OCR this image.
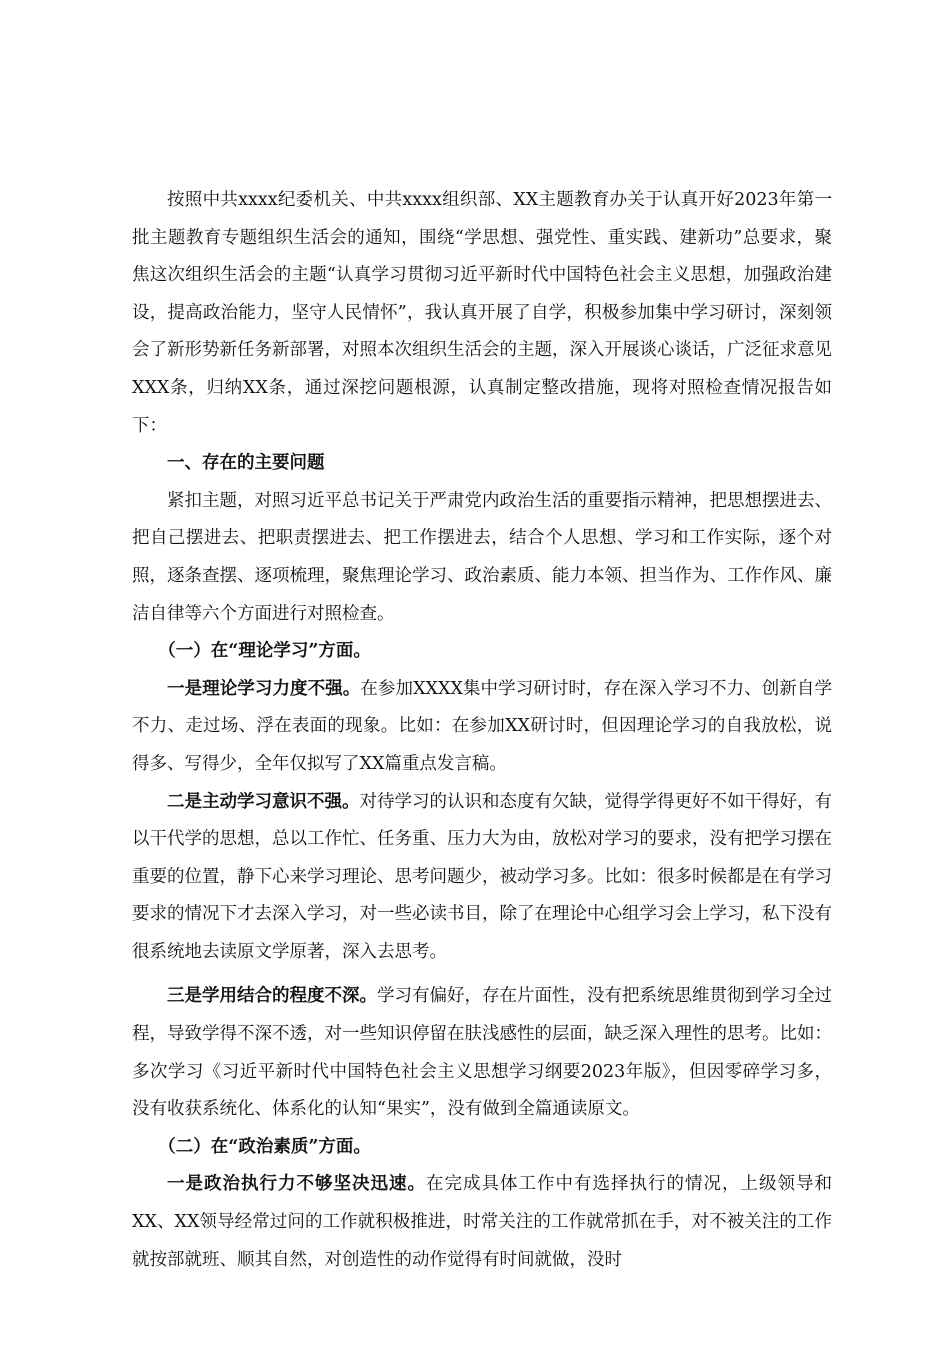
按照中共xxxx纪委机关、中共xxxx组织部、XX主题教育办关于认真开好2023年第一批主题教育专题组织生活会的通知，围绕“学思想、强党性、重实践、建新功”总要求，聚焦这次组织生活会的主题“认真学习贯彻习近平新时代中国特色社会主义思想，加强政治建设，提高政治能力，坚守人民情怀”，我认真开展了自学，积极参加集中学习研讨，深刻领会了新形势新任务新部署，对照本次组织生活会的主题，深入开展谈心谈话，广泛征求意见XXX条，归纳XX条，通过深挖问题根源，认真制定整改措施，现将对照检查情况报告如下：

一、存在的主要问题

紧扣主题，对照习近平总书记关于严肃党内政治生活的重要指示精神，把思想摆进去、把自己摆进去、把职责摆进去、把工作摆进去，结合个人思想、学习和工作实际，逐个对照，逐条查摆、逐项梳理，聚焦理论学习、政治素质、能力本领、担当作为、工作作风、廉洁自律等六个方面进行对照检查。

（一）在“理论学习”方面。

一是理论学习力度不强。在参加XXXX集中学习研讨时，存在深入学习不力、创新自学不力、走过场、浮在表面的现象。比如：在参加XX研讨时，但因理论学习的自我放松，说得多、写得少，全年仅拟写了XX篇重点发言稿。

二是主动学习意识不强。对待学习的认识和态度有欠缺，觉得学得更好不如干得好，有以干代学的思想，总以工作忙、任务重、压力大为由，放松对学习的要求，没有把学习摆在重要的位置，静下心来学习理论、思考问题少，被动学习多。比如：很多时候都是在有学习要求的情况下才去深入学习，对一些必读书目，除了在理论中心组学习会上学习，私下没有很系统地去读原文学原著，深入去思考。

三是学用结合的程度不深。学习有偏好，存在片面性，没有把系统思维贯彻到学习全过程，导致学得不深不透，对一些知识停留在肤浅感性的层面，缺乏深入理性的思考。比如：多次学习《习近平新时代中国特色社会主义思想学习纲要2023年版》，但因零碎学习多，没有收获系统化、体系化的认知“果实”，没有做到全篇通读原文。

（二）在“政治素质”方面。

一是政治执行力不够坚决迅速。在完成具体工作中有选择执行的情况，上级领导和XX、XX领导经常过问的工作就积极推进，时常关注的工作就常抓在手，对不被关注的工作就按部就班、顺其自然，对创造性的动作觉得有时间就做，没时
